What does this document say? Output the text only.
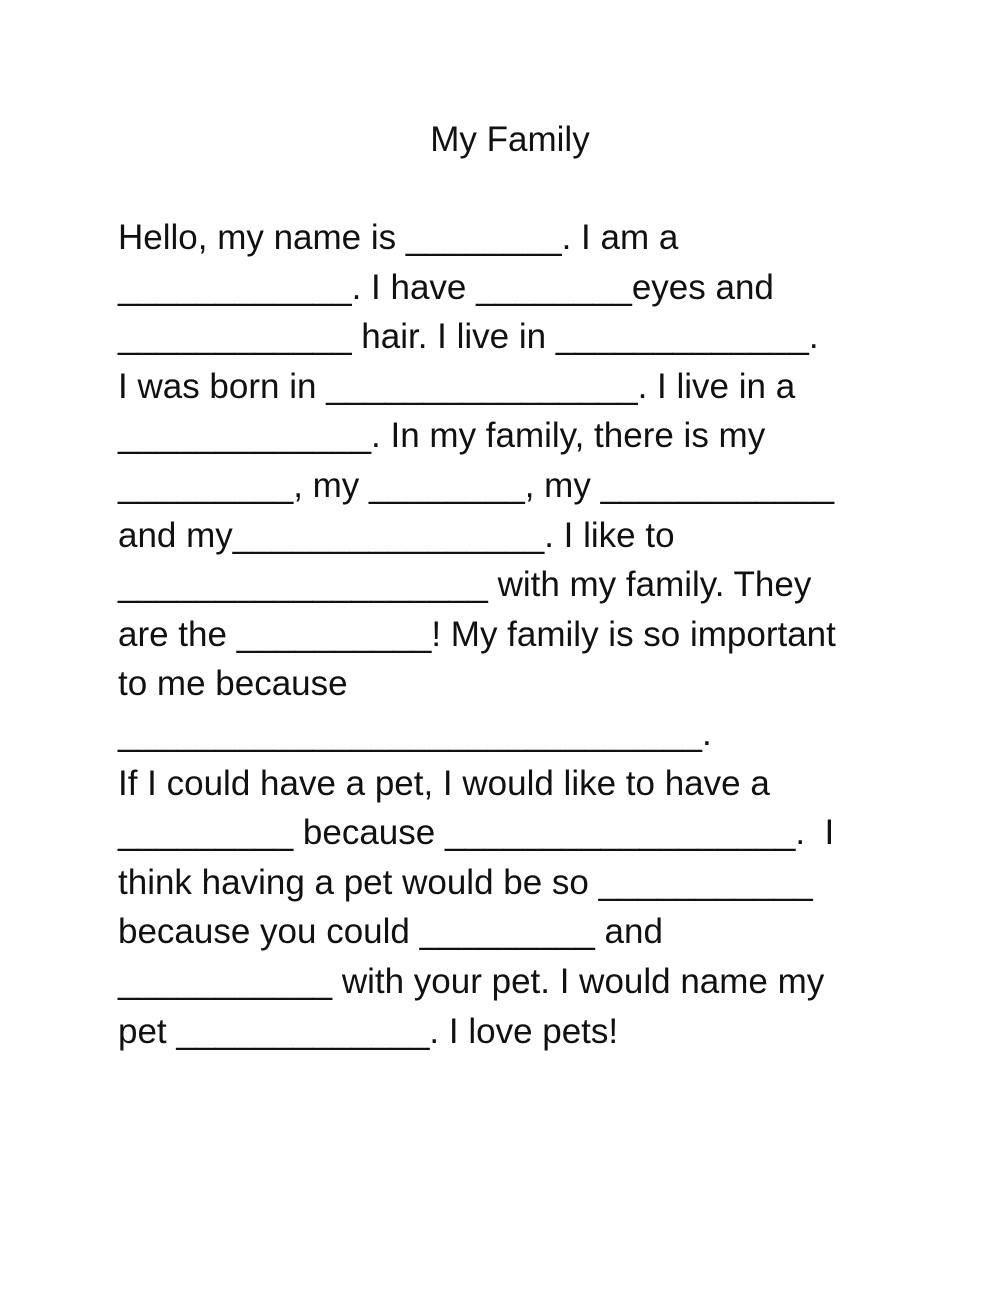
My Family
Hello, my name is ________. I am a
____________. I have ________eyes and
____________ hair. I live in _____________.
I was born in ________________. I live in a
_____________. In my family, there is my
_________, my ________, my ____________
and my________________. I like to
___________________ with my family. They
are the __________! My family is so important
to me because
______________________________.
If I could have a pet, I would like to have a
_________ because __________________.  I
think having a pet would be so ___________
because you could _________ and
___________ with your pet. I would name my
pet _____________. I love pets!
